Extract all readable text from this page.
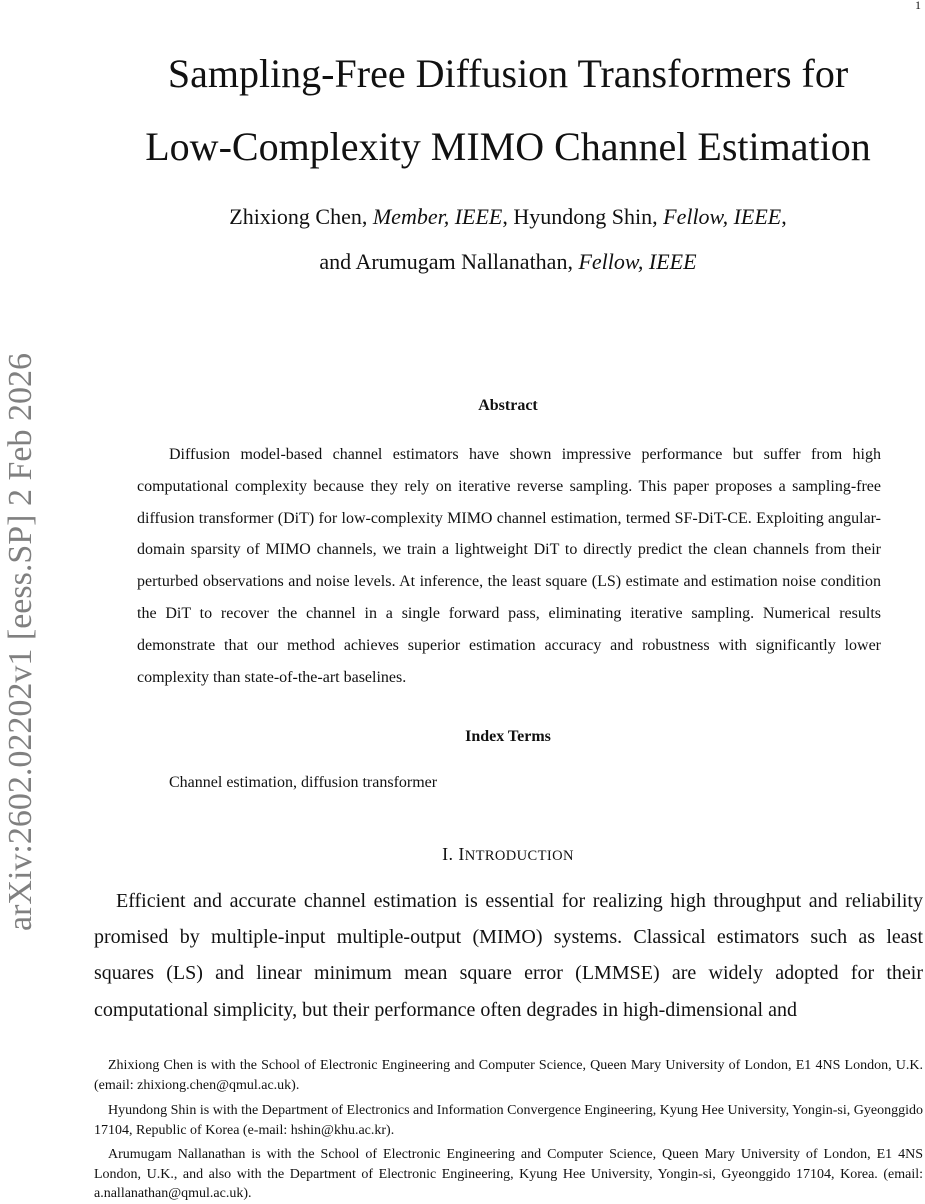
1
arXiv:2602.02202v1 [eess.SP] 2 Feb 2026
Sampling-Free Diffusion Transformers for
Low-Complexity MIMO Channel Estimation
Zhixiong Chen, Member, IEEE, Hyundong Shin, Fellow, IEEE,
and Arumugam Nallanathan, Fellow, IEEE
Abstract

Diffusion model-based channel estimators have shown impressive performance but suffer from high computational complexity because they rely on iterative reverse sampling. This paper proposes a sampling-free diffusion transformer (DiT) for low-complexity MIMO channel estimation, termed SF-DiT-CE. Exploiting angular-domain sparsity of MIMO channels, we train a lightweight DiT to directly predict the clean channels from their perturbed observations and noise levels. At inference, the least square (LS) estimate and estimation noise condition the DiT to recover the channel in a single forward pass, eliminating iterative sampling. Numerical results demonstrate that our method achieves superior estimation accuracy and robustness with significantly lower complexity than state-of-the-art baselines.

Index Terms

Channel estimation, diffusion transformer

I. INTRODUCTION

Efficient and accurate channel estimation is essential for realizing high throughput and reliability promised by multiple-input multiple-output (MIMO) systems. Classical estimators such as least squares (LS) and linear minimum mean square error (LMMSE) are widely adopted for their computational simplicity, but their performance often degrades in high-dimensional and

Zhixiong Chen is with the School of Electronic Engineering and Computer Science, Queen Mary University of London, E1 4NS London, U.K. (email: zhixiong.chen@qmul.ac.uk).

Hyundong Shin is with the Department of Electronics and Information Convergence Engineering, Kyung Hee University, Yongin-si, Gyeonggido 17104, Republic of Korea (e-mail: hshin@khu.ac.kr).

Arumugam Nallanathan is with the School of Electronic Engineering and Computer Science, Queen Mary University of London, E1 4NS London, U.K., and also with the Department of Electronic Engineering, Kyung Hee University, Yongin-si, Gyeonggido 17104, Korea. (email: a.nallanathan@qmul.ac.uk).
